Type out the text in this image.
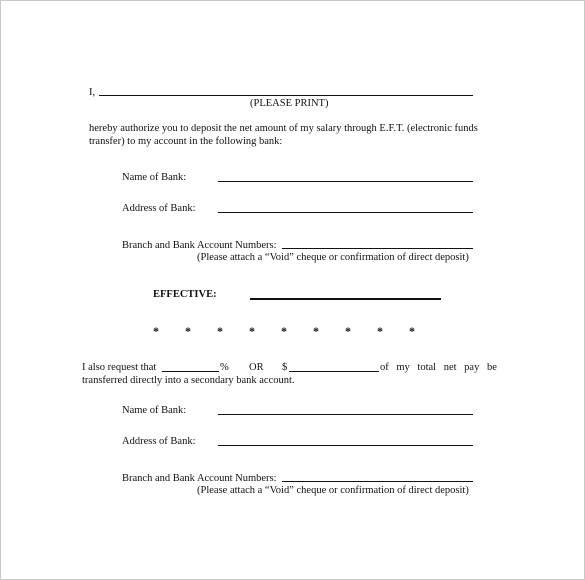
I,
(PLEASE PRINT)
hereby authorize you to deposit the net amount of my salary through E.F.T. (electronic funds
transfer) to my account in the following bank:
Name of Bank:
Address of Bank:
Branch and Bank Account Numbers:
(Please attach a “Void” cheque or confirmation of direct deposit)
EFFECTIVE:
* * * * * * * * *
I also request that	% OR $	of my total net pay be
transferred directly into a secondary bank account.
Name of Bank:
Address of Bank:
Branch and Bank Account Numbers:
(Please attach a “Void” cheque or confirmation of direct deposit)
